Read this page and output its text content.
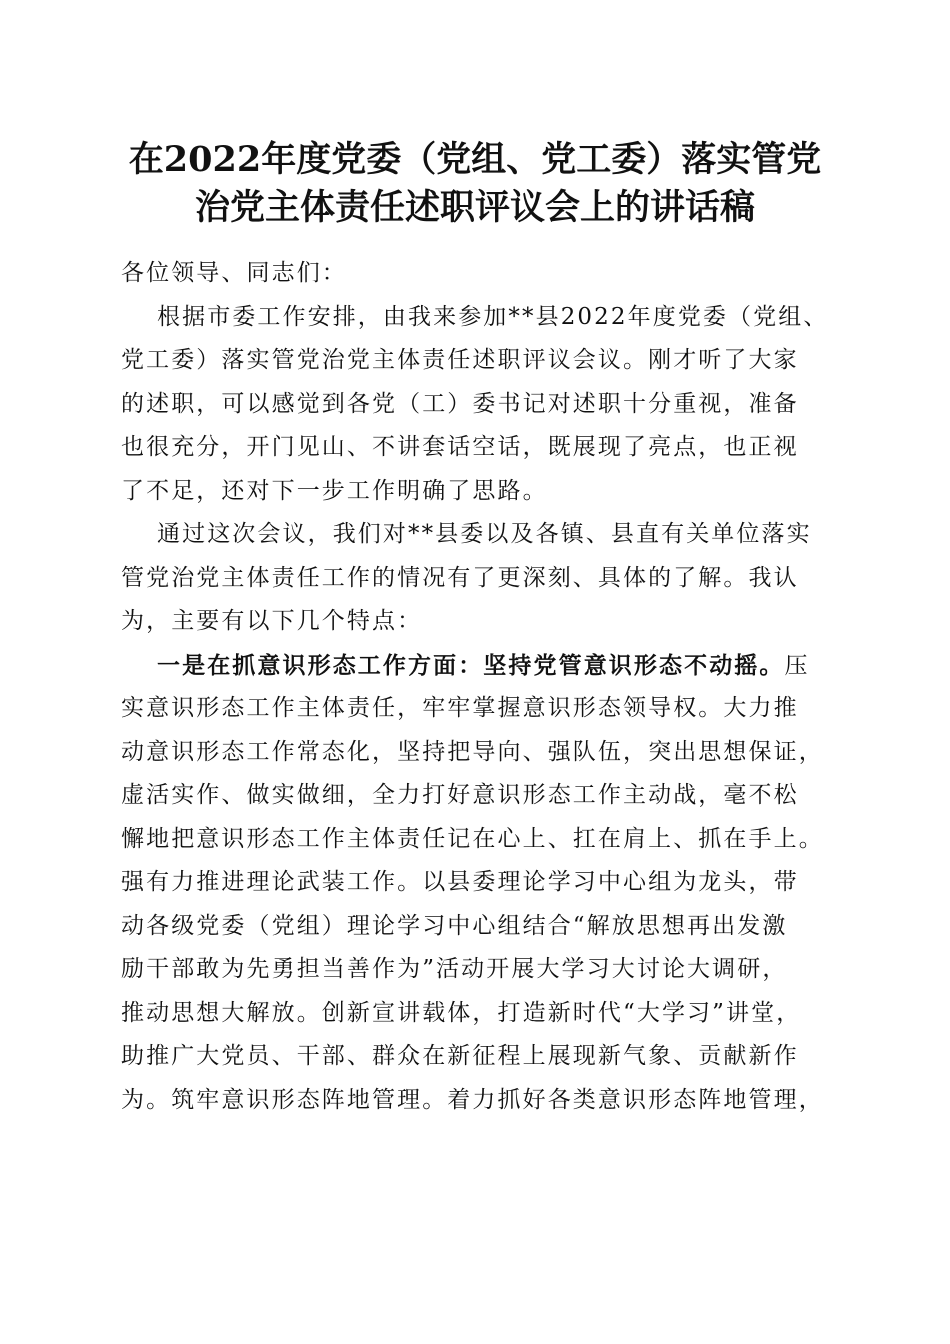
在2022年度党委（党组、党工委）落实管党
治党主体责任述职评议会上的讲话稿
各位领导、同志们：
根据市委工作安排，由我来参加**县2022年度党委（党组、
党工委）落实管党治党主体责任述职评议会议。刚才听了大家
的述职，可以感觉到各党（工）委书记对述职十分重视，准备
也很充分，开门见山、不讲套话空话，既展现了亮点，也正视
了不足，还对下一步工作明确了思路。
通过这次会议，我们对**县委以及各镇、县直有关单位落实
管党治党主体责任工作的情况有了更深刻、具体的了解。我认
为，主要有以下几个特点：
一是在抓意识形态工作方面：坚持党管意识形态不动摇。压
实意识形态工作主体责任，牢牢掌握意识形态领导权。大力推
动意识形态工作常态化，坚持把导向、强队伍，突出思想保证，
虚活实作、做实做细，全力打好意识形态工作主动战，毫不松
懈地把意识形态工作主体责任记在心上、扛在肩上、抓在手上。
强有力推进理论武装工作。以县委理论学习中心组为龙头，带
动各级党委（党组）理论学习中心组结合“解放思想再出发激
励干部敢为先勇担当善作为”活动开展大学习大讨论大调研，
推动思想大解放。创新宣讲载体，打造新时代“大学习”讲堂，
助推广大党员、干部、群众在新征程上展现新气象、贡献新作
为。筑牢意识形态阵地管理。着力抓好各类意识形态阵地管理，
